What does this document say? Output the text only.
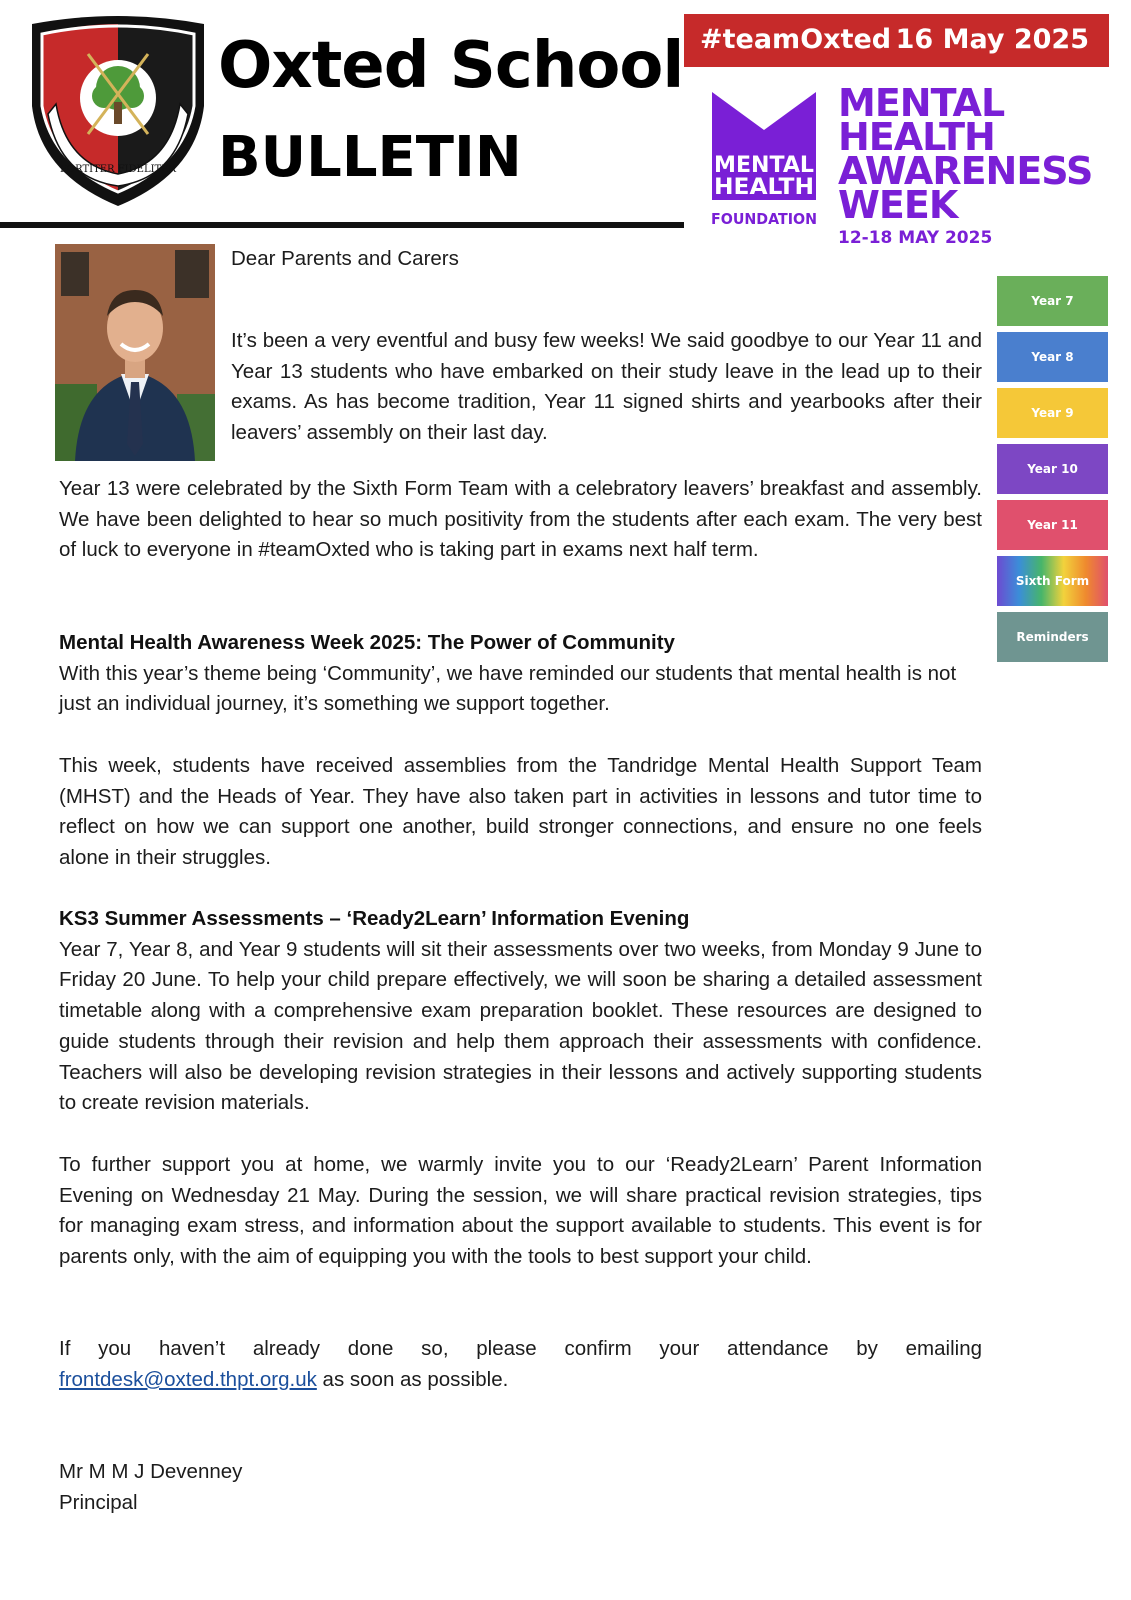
FORTITER FIDELITER
Oxted School
BULLETIN
#teamOxted 16 May 2025
MENTAL
HEALTH
FOUNDATION
MENTAL
HEALTH
AWARENESS
WEEK
12-18 MAY 2025
Year 7
Year 8
Year 9
Year 10
Year 11
Sixth Form
Reminders

Dear Parents and Carers

It’s been a very eventful and busy few weeks! We said goodbye to our Year 11 and Year 13 students who have embarked on their study leave in the lead up to their exams. As has become tradition, Year 11 signed shirts and yearbooks after their leavers’ assembly on their last day.

Year 13 were celebrated by the Sixth Form Team with a celebratory leavers’ breakfast and assembly. We have been delighted to hear so much positivity from the students after each exam. The very best of luck to everyone in #teamOxted who is taking part in exams next half term.

Mental Health Awareness Week 2025: The Power of Community
With this year’s theme being ‘Community’, we have reminded our students that mental health is not just an individual journey, it’s something we support together.

This week, students have received assemblies from the Tandridge Mental Health Support Team (MHST) and the Heads of Year. They have also taken part in activities in lessons and tutor time to reflect on how we can support one another, build stronger connections, and ensure no one feels alone in their struggles.

KS3 Summer Assessments – ‘Ready2Learn’ Information Evening
Year 7, Year 8, and Year 9 students will sit their assessments over two weeks, from Monday 9 June to Friday 20 June. To help your child prepare effectively, we will soon be sharing a detailed assessment timetable along with a comprehensive exam preparation booklet. These resources are designed to guide students through their revision and help them approach their assessments with confidence. Teachers will also be developing revision strategies in their lessons and actively supporting students to create revision materials.

To further support you at home, we warmly invite you to our ‘Ready2Learn’ Parent Information Evening on Wednesday 21 May. During the session, we will share practical revision strategies, tips for managing exam stress, and information about the support available to students. This event is for parents only, with the aim of equipping you with the tools to best support your child.

If you haven’t already done so, please confirm your attendance by emailing
frontdesk@oxted.thpt.org.uk as soon as possible.
Mr M M J Devenney
Principal
